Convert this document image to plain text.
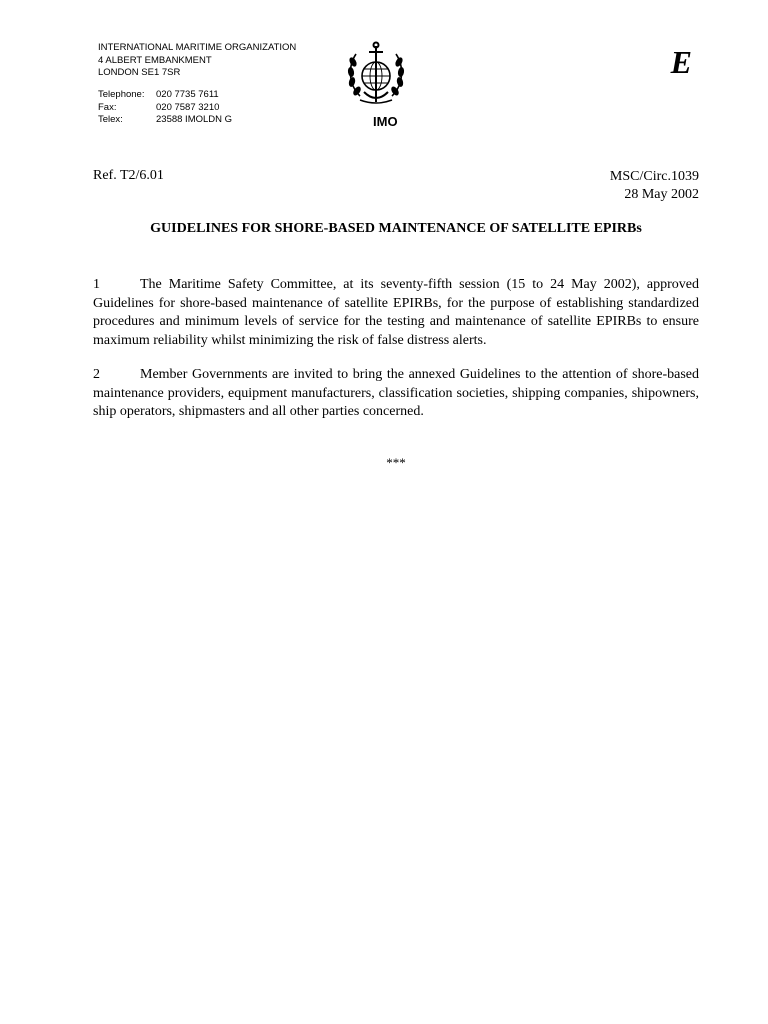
INTERNATIONAL MARITIME ORGANIZATION
4 ALBERT EMBANKMENT
LONDON SE1 7SR
Telephone:	020 7735 7611
Fax:	020 7587 3210
Telex:	23588 IMOLDN G	IMO
E
Ref. T2/6.01	MSC/Circ.1039
28 May 2002
GUIDELINES FOR SHORE-BASED MAINTENANCE OF SATELLITE EPIRBs
1	The Maritime Safety Committee, at its seventy-fifth session (15 to 24 May 2002), approved Guidelines for shore-based maintenance of satellite EPIRBs, for the purpose of establishing standardized procedures and minimum levels of service for the testing and maintenance of satellite EPIRBs to ensure maximum reliability whilst minimizing the risk of false distress alerts.
2	Member Governments are invited to bring the annexed Guidelines to the attention of shore-based maintenance providers, equipment manufacturers, classification societies, shipping companies, shipowners, ship operators, shipmasters and all other parties concerned.
***
